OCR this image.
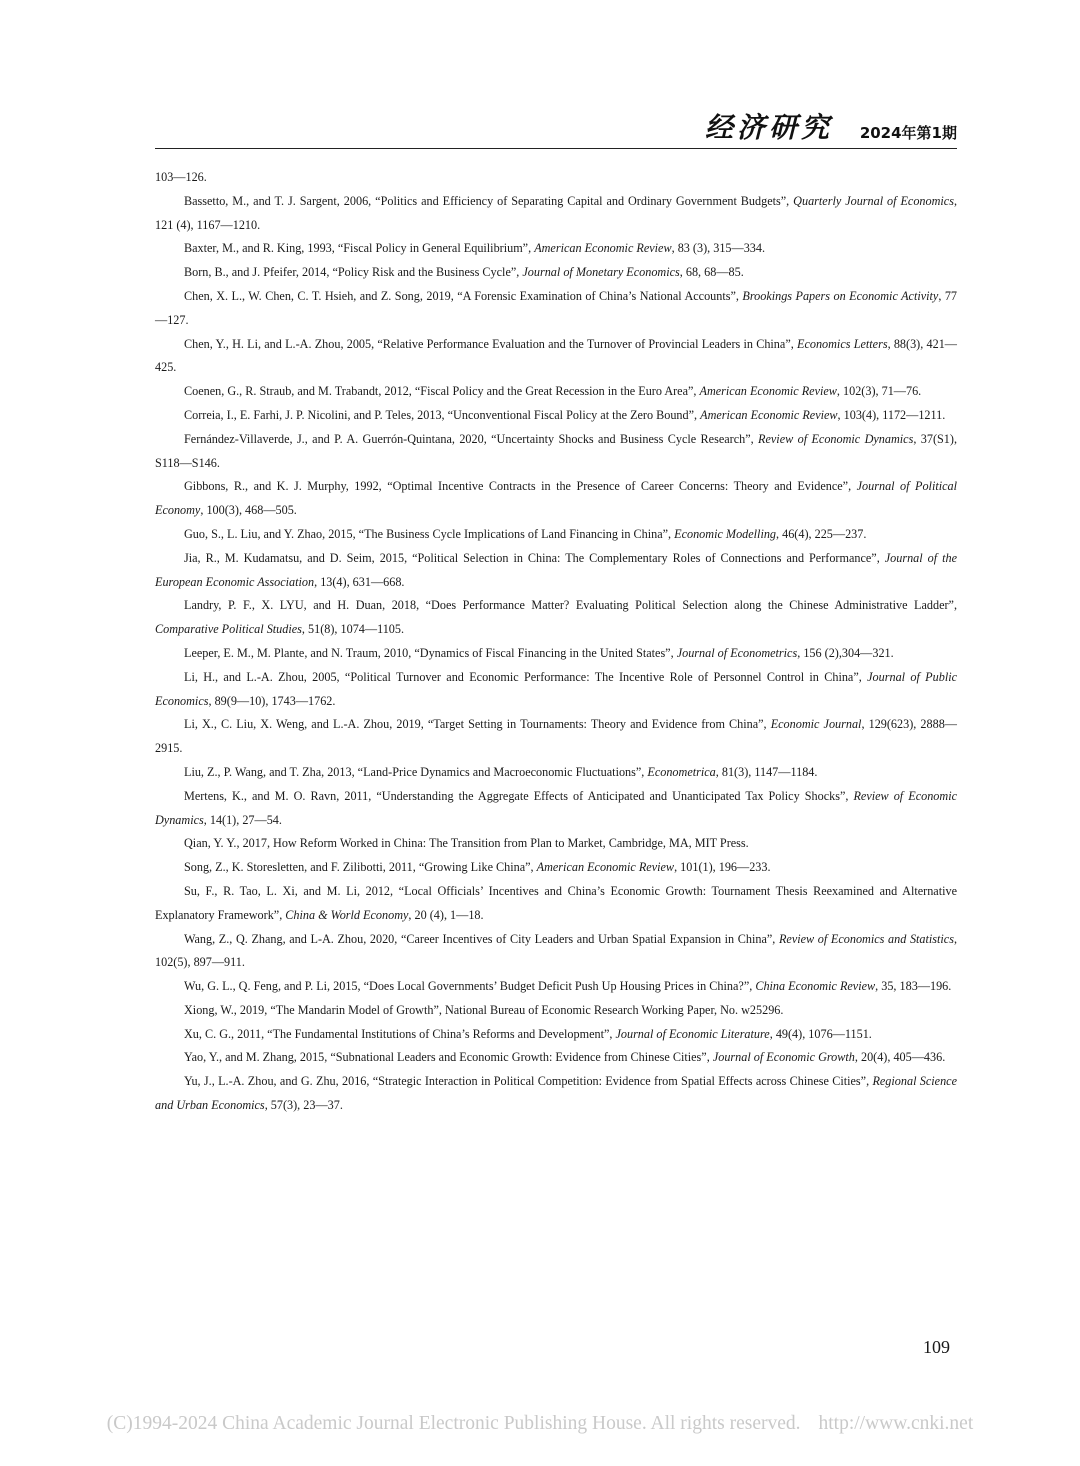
经济研究 2024年第1期

103—126.

Bassetto, M., and T. J. Sargent, 2006, “Politics and Efficiency of Separating Capital and Ordinary Government Budgets”, Quarterly Journal of Economics, 121 (4), 1167—1210.

Baxter, M., and R. King, 1993, “Fiscal Policy in General Equilibrium”, American Economic Review, 83 (3), 315—334.

Born, B., and J. Pfeifer, 2014, “Policy Risk and the Business Cycle”, Journal of Monetary Economics, 68, 68—85.

Chen, X. L., W. Chen, C. T. Hsieh, and Z. Song, 2019, “A Forensic Examination of China’s National Accounts”, Brookings Papers on Economic Activity, 77—127.

Chen, Y., H. Li, and L.-A. Zhou, 2005, “Relative Performance Evaluation and the Turnover of Provincial Leaders in China”, Economics Letters, 88(3), 421—425.

Coenen, G., R. Straub, and M. Trabandt, 2012, “Fiscal Policy and the Great Recession in the Euro Area”, American Economic Review, 102(3), 71—76.

Correia, I., E. Farhi, J. P. Nicolini, and P. Teles, 2013, “Unconventional Fiscal Policy at the Zero Bound”, American Economic Review, 103(4), 1172—1211.

Fernández-Villaverde, J., and P. A. Guerrón-Quintana, 2020, “Uncertainty Shocks and Business Cycle Research”, Review of Economic Dynamics, 37(S1), S118—S146.

Gibbons, R., and K. J. Murphy, 1992, “Optimal Incentive Contracts in the Presence of Career Concerns: Theory and Evidence”, Journal of Political Economy, 100(3), 468—505.

Guo, S., L. Liu, and Y. Zhao, 2015, “The Business Cycle Implications of Land Financing in China”, Economic Modelling, 46(4), 225—237.

Jia, R., M. Kudamatsu, and D. Seim, 2015, “Political Selection in China: The Complementary Roles of Connections and Performance”, Journal of the European Economic Association, 13(4), 631—668.

Landry, P. F., X. LYU, and H. Duan, 2018, “Does Performance Matter? Evaluating Political Selection along the Chinese Administrative Ladder”, Comparative Political Studies, 51(8), 1074—1105.

Leeper, E. M., M. Plante, and N. Traum, 2010, “Dynamics of Fiscal Financing in the United States”, Journal of Econometrics, 156 (2),304—321.

Li, H., and L.-A. Zhou, 2005, “Political Turnover and Economic Performance: The Incentive Role of Personnel Control in China”, Journal of Public Economics, 89(9—10), 1743—1762.

Li, X., C. Liu, X. Weng, and L.-A. Zhou, 2019, “Target Setting in Tournaments: Theory and Evidence from China”, Economic Journal, 129(623), 2888—2915.

Liu, Z., P. Wang, and T. Zha, 2013, “Land-Price Dynamics and Macroeconomic Fluctuations”, Econometrica, 81(3), 1147—1184.

Mertens, K., and M. O. Ravn, 2011, “Understanding the Aggregate Effects of Anticipated and Unanticipated Tax Policy Shocks”, Review of Economic Dynamics, 14(1), 27—54.

Qian, Y. Y., 2017, How Reform Worked in China: The Transition from Plan to Market, Cambridge, MA, MIT Press.

Song, Z., K. Storesletten, and F. Zilibotti, 2011, “Growing Like China”, American Economic Review, 101(1), 196—233.

Su, F., R. Tao, L. Xi, and M. Li, 2012, “Local Officials’ Incentives and China’s Economic Growth: Tournament Thesis Reexamined and Alternative Explanatory Framework”, China & World Economy, 20 (4), 1—18.

Wang, Z., Q. Zhang, and L-A. Zhou, 2020, “Career Incentives of City Leaders and Urban Spatial Expansion in China”, Review of Economics and Statistics, 102(5), 897—911.

Wu, G. L., Q. Feng, and P. Li, 2015, “Does Local Governments’ Budget Deficit Push Up Housing Prices in China?”, China Economic Review, 35, 183—196.

Xiong, W., 2019, “The Mandarin Model of Growth”, National Bureau of Economic Research Working Paper, No. w25296.

Xu, C. G., 2011, “The Fundamental Institutions of China’s Reforms and Development”, Journal of Economic Literature, 49(4), 1076—1151.

Yao, Y., and M. Zhang, 2015, “Subnational Leaders and Economic Growth: Evidence from Chinese Cities”, Journal of Economic Growth, 20(4), 405—436.

Yu, J., L.-A. Zhou, and G. Zhu, 2016, “Strategic Interaction in Political Competition: Evidence from Spatial Effects across Chinese Cities”, Regional Science and Urban Economics, 57(3), 23—37.

109
(C)1994-2024 China Academic Journal Electronic Publishing House. All rights reserved. http://www.cnki.net
